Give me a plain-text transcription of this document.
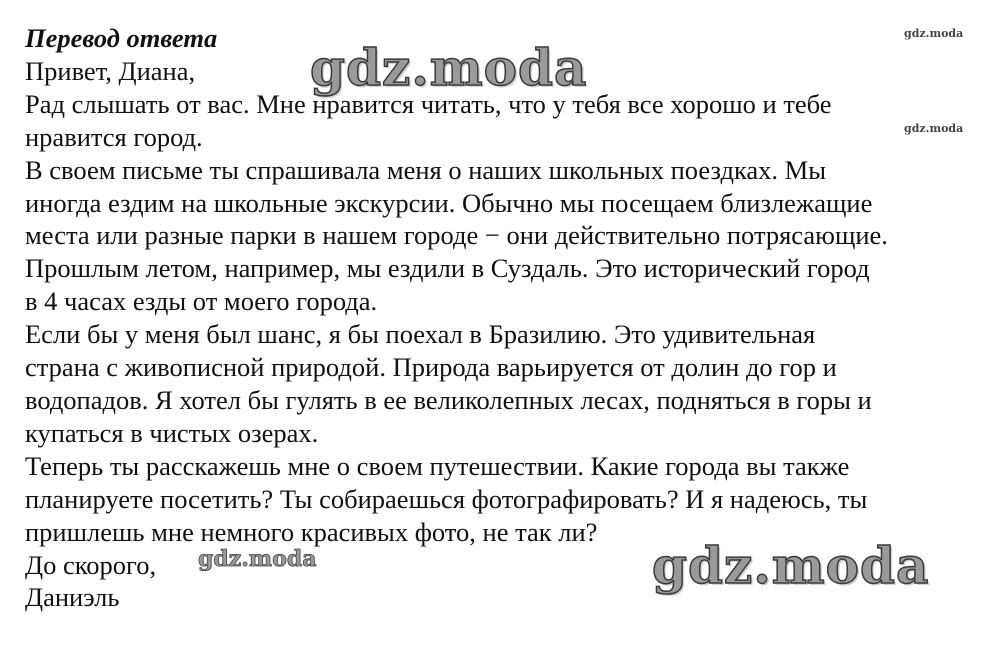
Перевод ответа
Привет, Диана,
Рад слышать от вас. Мне нравится читать, что у тебя все хорошо и тебе
нравится город.
В своем письме ты спрашивала меня о наших школьных поездках. Мы
иногда ездим на школьные экскурсии. Обычно мы посещаем близлежащие
места или разные парки в нашем городе − они действительно потрясающие.
Прошлым летом, например, мы ездили в Суздаль. Это исторический город
в 4 часах езды от моего города.
Если бы у меня был шанс, я бы поехал в Бразилию. Это удивительная
страна с живописной природой. Природа варьируется от долин до гор и
водопадов. Я хотел бы гулять в ее великолепных лесах, подняться в горы и
купаться в чистых озерах.
Теперь ты расскажешь мне о своем путешествии. Какие города вы также
планируете посетить? Ты собираешься фотографировать? И я надеюсь, ты
пришлешь мне немного красивых фото, не так ли?
До скорого,
Даниэль
gdz.moda
gdz.moda
gdz.moda
gdz.moda	gdz.moda
